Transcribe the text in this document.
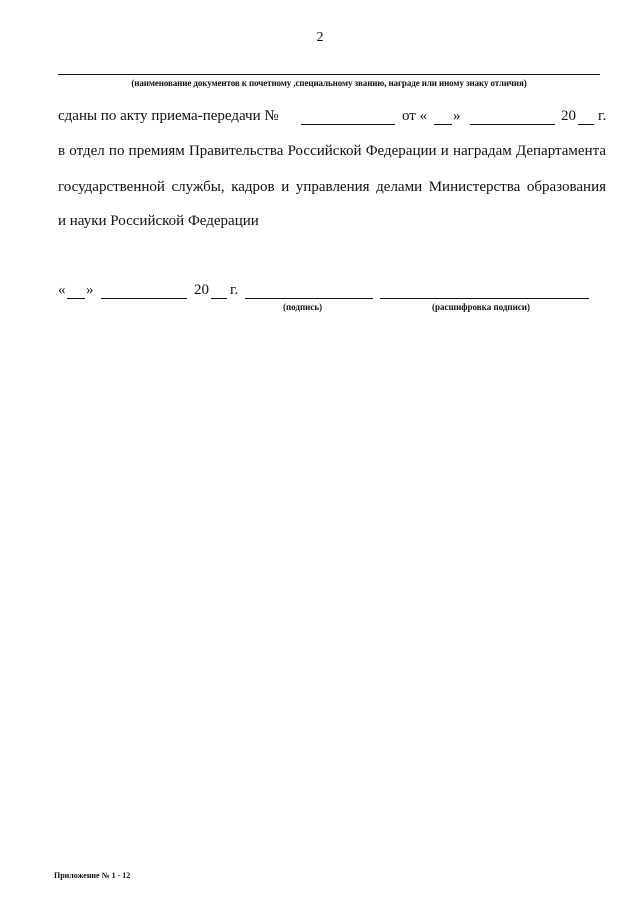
2
(наименование документов к почетному ,специальному званию, награде или иному знаку отличия)
сданы по акту приема-передачи №	от « »	20 г.
в отдел по премиям Правительства Российской Федерации и наградам Департамента
государственной службы, кадров и управления делами Министерства образования
и науки Российской Федерации
« »	20 г.
(подпись)	(расшифровка подписи)
Приложение № 1 - 12
